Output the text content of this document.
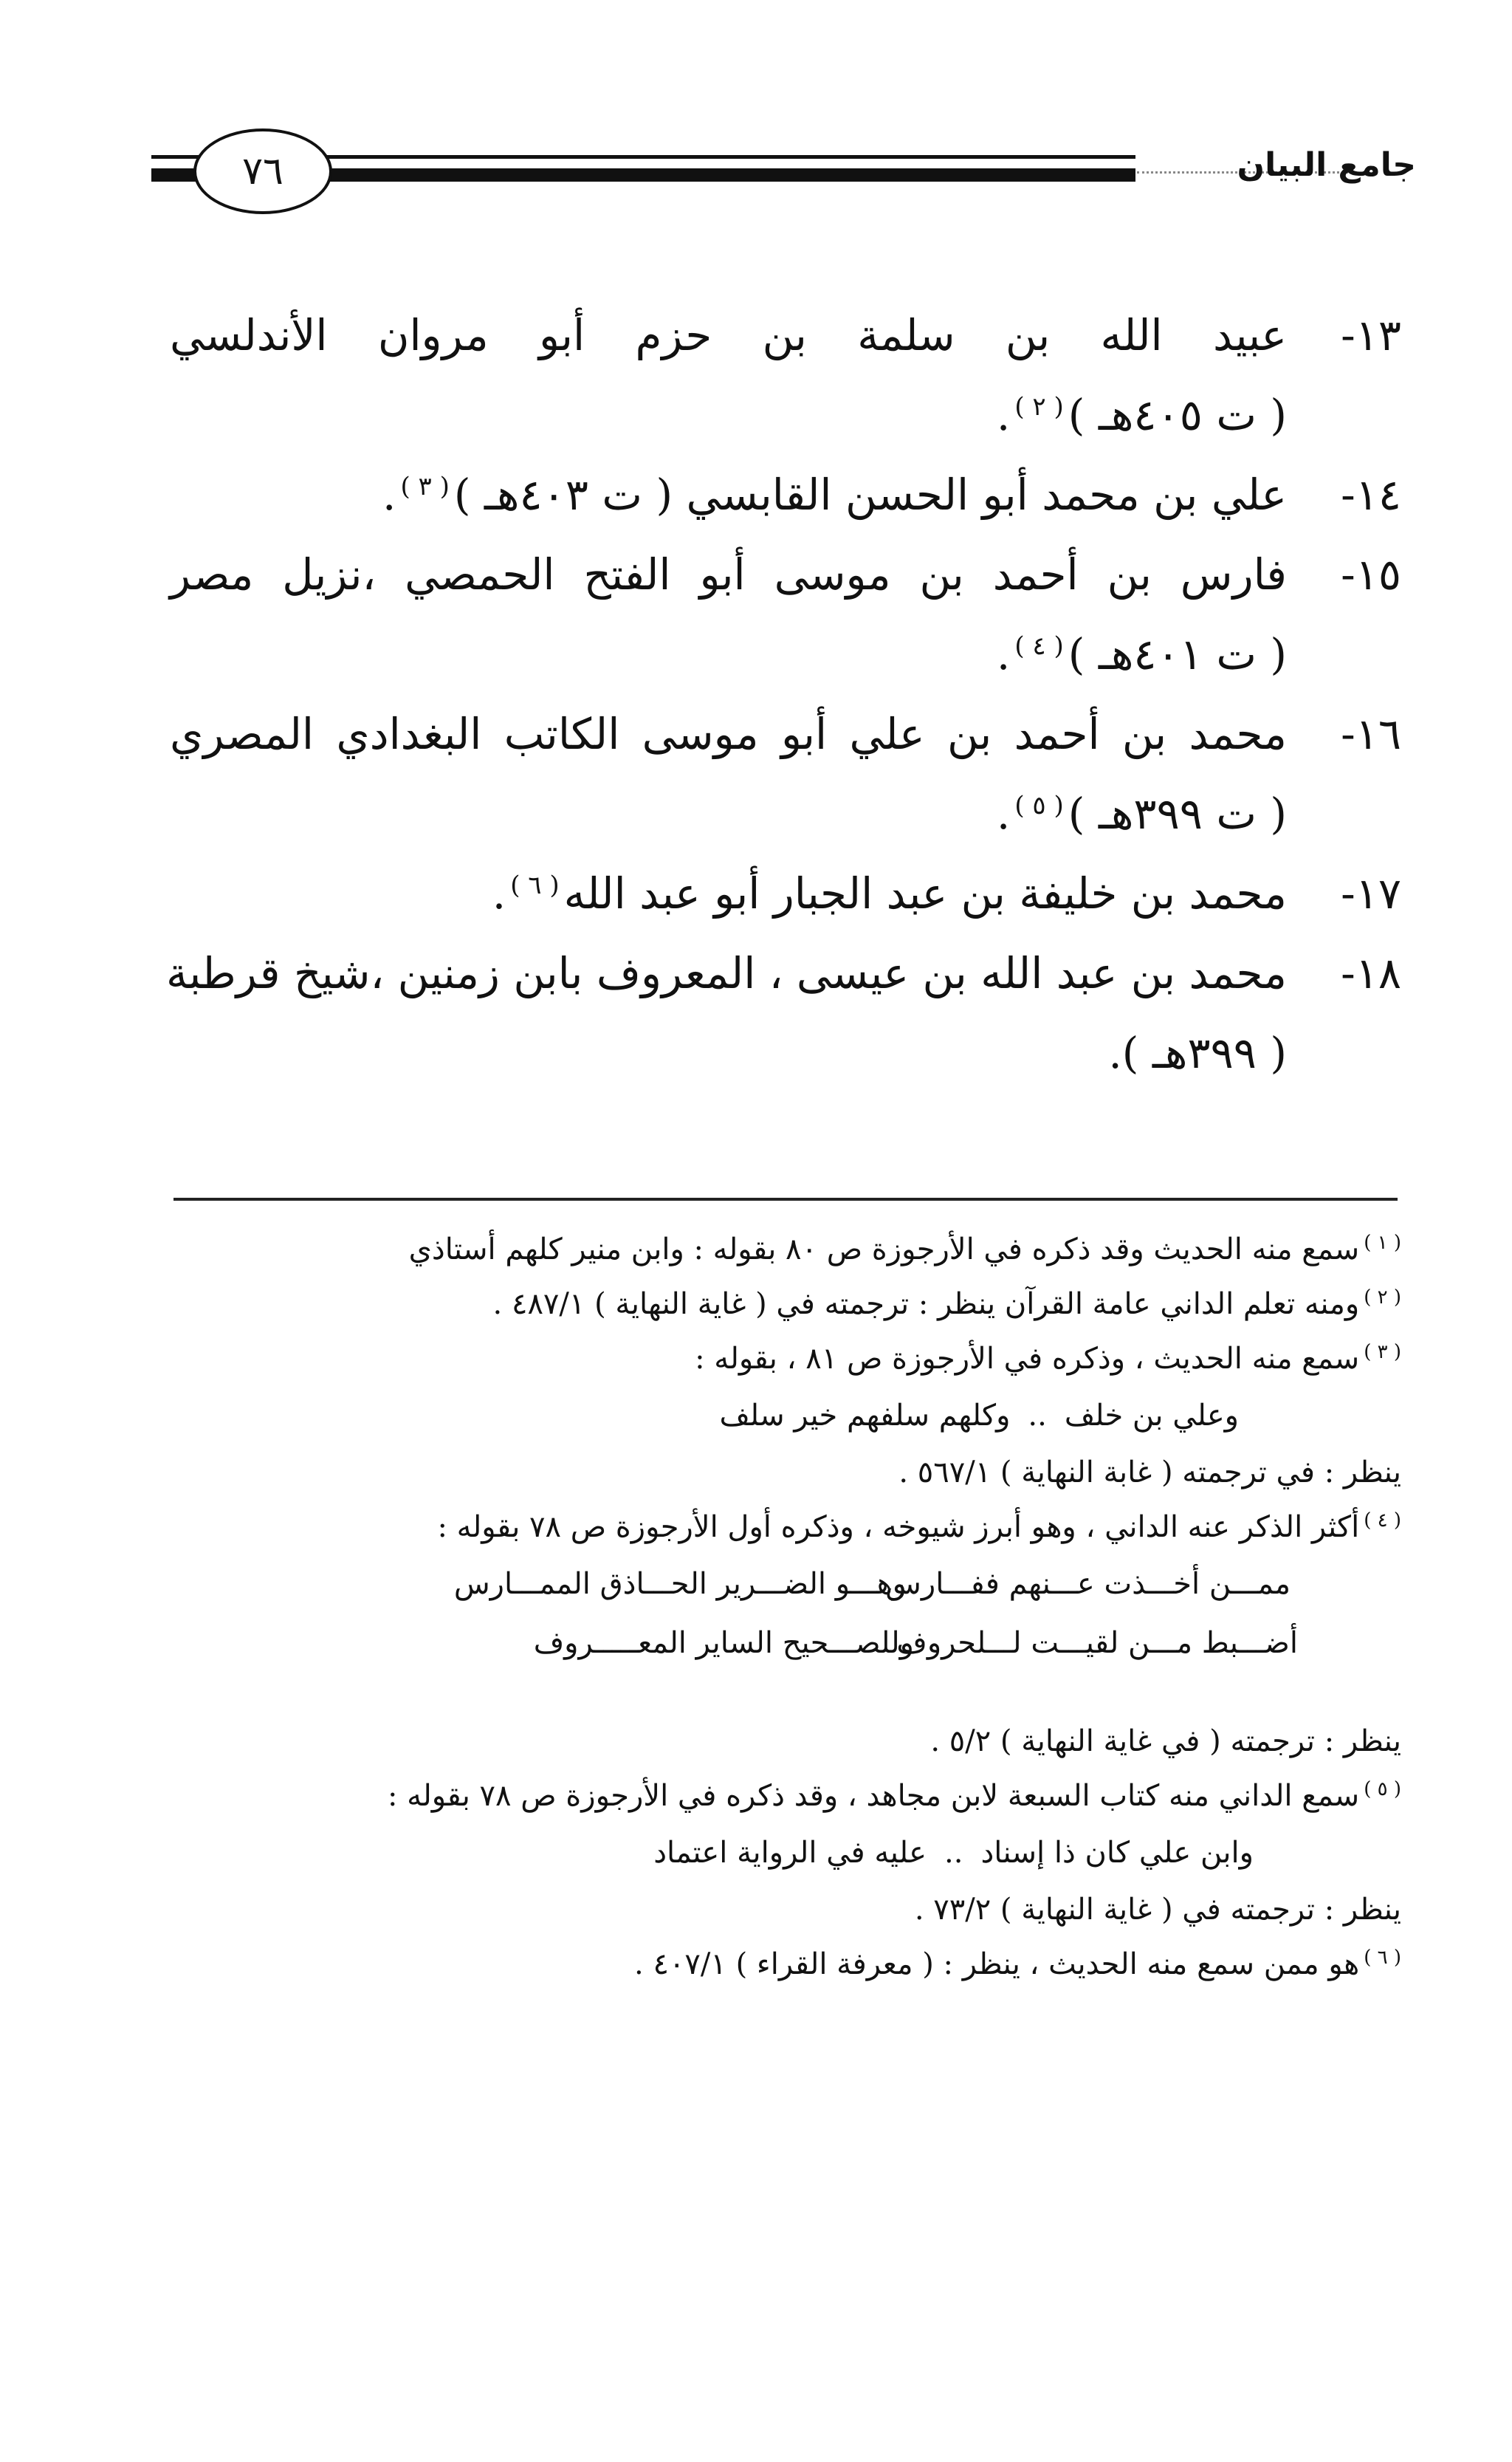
٧٦	جامع البيان
١٣-
عبيد الله بن سلمة بن حزم أبو مروان الأندلسي
( ت ٤٠٥هـ )$^{( ٢ )}$.
١٤-
علي بن محمد أبو الحسن القابسي ( ت ٤٠٣هـ )$^{( ٣ )}$.
١٥-
فارس بن أحمد بن موسى أبو الفتح الحمصي ،نزيل مصر
( ت ٤٠١هـ )$^{( ٤ )}$.
١٦-
محمد بن أحمد بن علي أبو موسى الكاتب البغدادي المصري
( ت ٣٩٩هـ )$^{( ٥ )}$.
١٧-
محمد بن خليفة بن عبد الجبار أبو عبد الله$^{( ٦ )}$.
١٨-
محمد بن عبد الله بن عيسى ، المعروف بابن زمنين ،شيخ قرطبة
( ٣٩٩هـ ).
$^{( ١ )}$سمع منه الحديث وقد ذكره في الأرجوزة ص ٨٠ بقوله : وابن منير كلهم أستاذي
$^{( ٢ )}$ومنه تعلم الداني عامة القرآن ينظر : ترجمته في ( غاية النهاية ) ٤٨٧/١ .
$^{( ٣ )}$سمع منه الحديث ، وذكره في الأرجوزة ص ٨١ ، بقوله :
وعلي بن خلف..وكلهم سلفهم خير سلف
ينظر : في ترجمته ( غابة النهاية ) ٥٦٧/١ .
$^{( ٤ )}$أكثر الذكر عنه الداني ، وهو أبرز شيوخه ، وذكره أول الأرجوزة ص ٧٨ بقوله :
ممـــن أخـــذت عـــنهم ففـــارس
وهـــو الضـــرير الحـــاذق الممـــارس
أضـــبط مـــن لقيـــت لـــلحروف
وللصـــحيح الساير المعـــــروف
ينظر : ترجمته ( في غاية النهاية ) ٥/٢ .
$^{( ٥ )}$سمع الداني منه كتاب السبعة لابن مجاهد ، وقد ذكره في الأرجوزة ص ٧٨ بقوله :
وابن علي كان ذا إسناد..عليه في الرواية اعتماد
ينظر : ترجمته في ( غاية النهاية ) ٧٣/٢ .
$^{( ٦ )}$هو ممن سمع منه الحديث ، ينظر : ( معرفة القراء ) ٤٠٧/١ .
